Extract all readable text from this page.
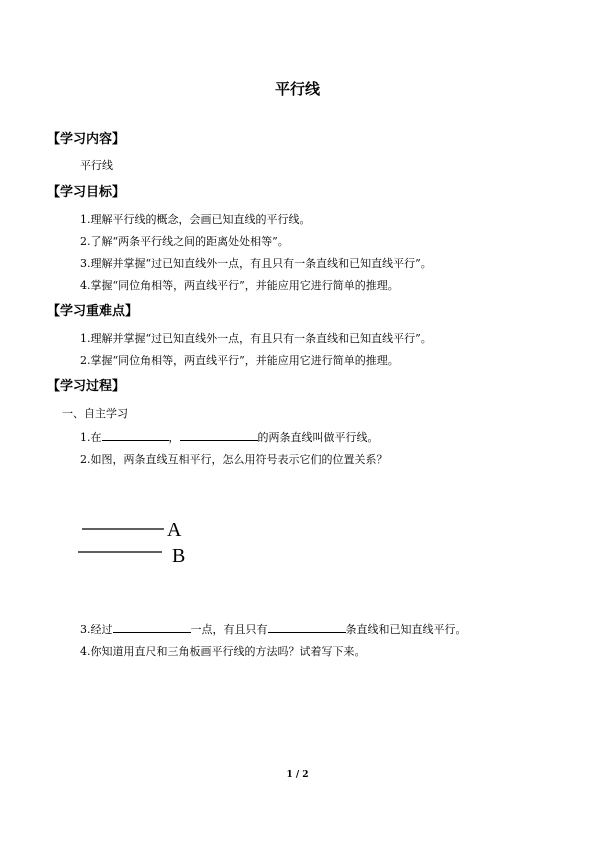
平行线
【学习内容】
平行线
【学习目标】
1.理解平行线的概念，会画已知直线的平行线。
2.了解“两条平行线之间的距离处处相等”。
3.理解并掌握“过已知直线外一点，有且只有一条直线和已知直线平行”。
4.掌握“同位角相等，两直线平行”，并能应用它进行简单的推理。
【学习重难点】
1.理解并掌握“过已知直线外一点，有且只有一条直线和已知直线平行”。
2.掌握“同位角相等，两直线平行”，并能应用它进行简单的推理。
【学习过程】
一、自主学习
1.在	，	的两条直线叫做平行线。
2.如图，两条直线互相平行，怎么用符号表示它们的位置关系？
A
B
3.经过	一点，有且只有	条直线和已知直线平行。
4.你知道用直尺和三角板画平行线的方法吗？试着写下来。
1 / 2
